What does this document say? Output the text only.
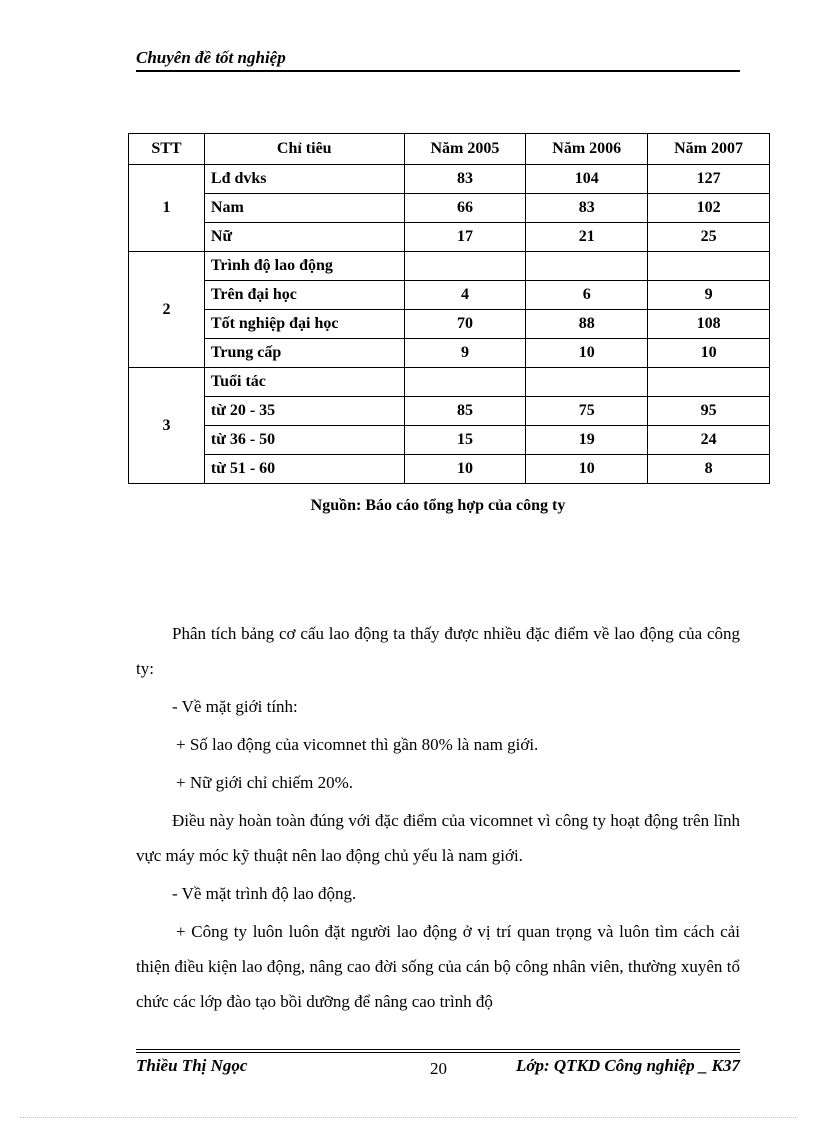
Chuyên đề tốt nghiệp
STT	Chỉ tiêu	Năm 2005	Năm 2006	Năm 2007
1	Lđ dvks	83	104	127
	Nam	66	83	102
	Nữ	17	21	25
2	Trình độ lao động			
	Trên đại học	4	6	9
	Tốt nghiệp đại học	70	88	108
	Trung cấp	9	10	10
3	Tuổi tác			
	từ 20 - 35	85	75	95
	từ 36 - 50	15	19	24
	từ 51 - 60	10	10	8
Nguồn: Báo cáo tổng hợp của công ty

Phân tích bảng cơ cấu lao động ta thấy được nhiều đặc điểm về lao động của công ty:

- Về mặt giới tính:

+ Số lao động của vicomnet thì gần 80% là nam giới.

+ Nữ giới chỉ chiếm 20%.

Điều này hoàn toàn đúng với đặc điểm của vicomnet vì công ty hoạt động trên lĩnh vực máy móc kỹ thuật nên lao động chủ yếu là nam giới.

- Về mặt trình độ lao động.

+ Công ty luôn luôn đặt người lao động ở vị trí quan trọng và luôn tìm cách cải thiện điều kiện lao động, nâng cao đời sống của cán bộ công nhân viên, thường xuyên tổ chức các lớp đào tạo bồi dưỡng để nâng cao trình độ

Thiều Thị Ngọc	20	Lớp: QTKD Công nghiệp _ K37
